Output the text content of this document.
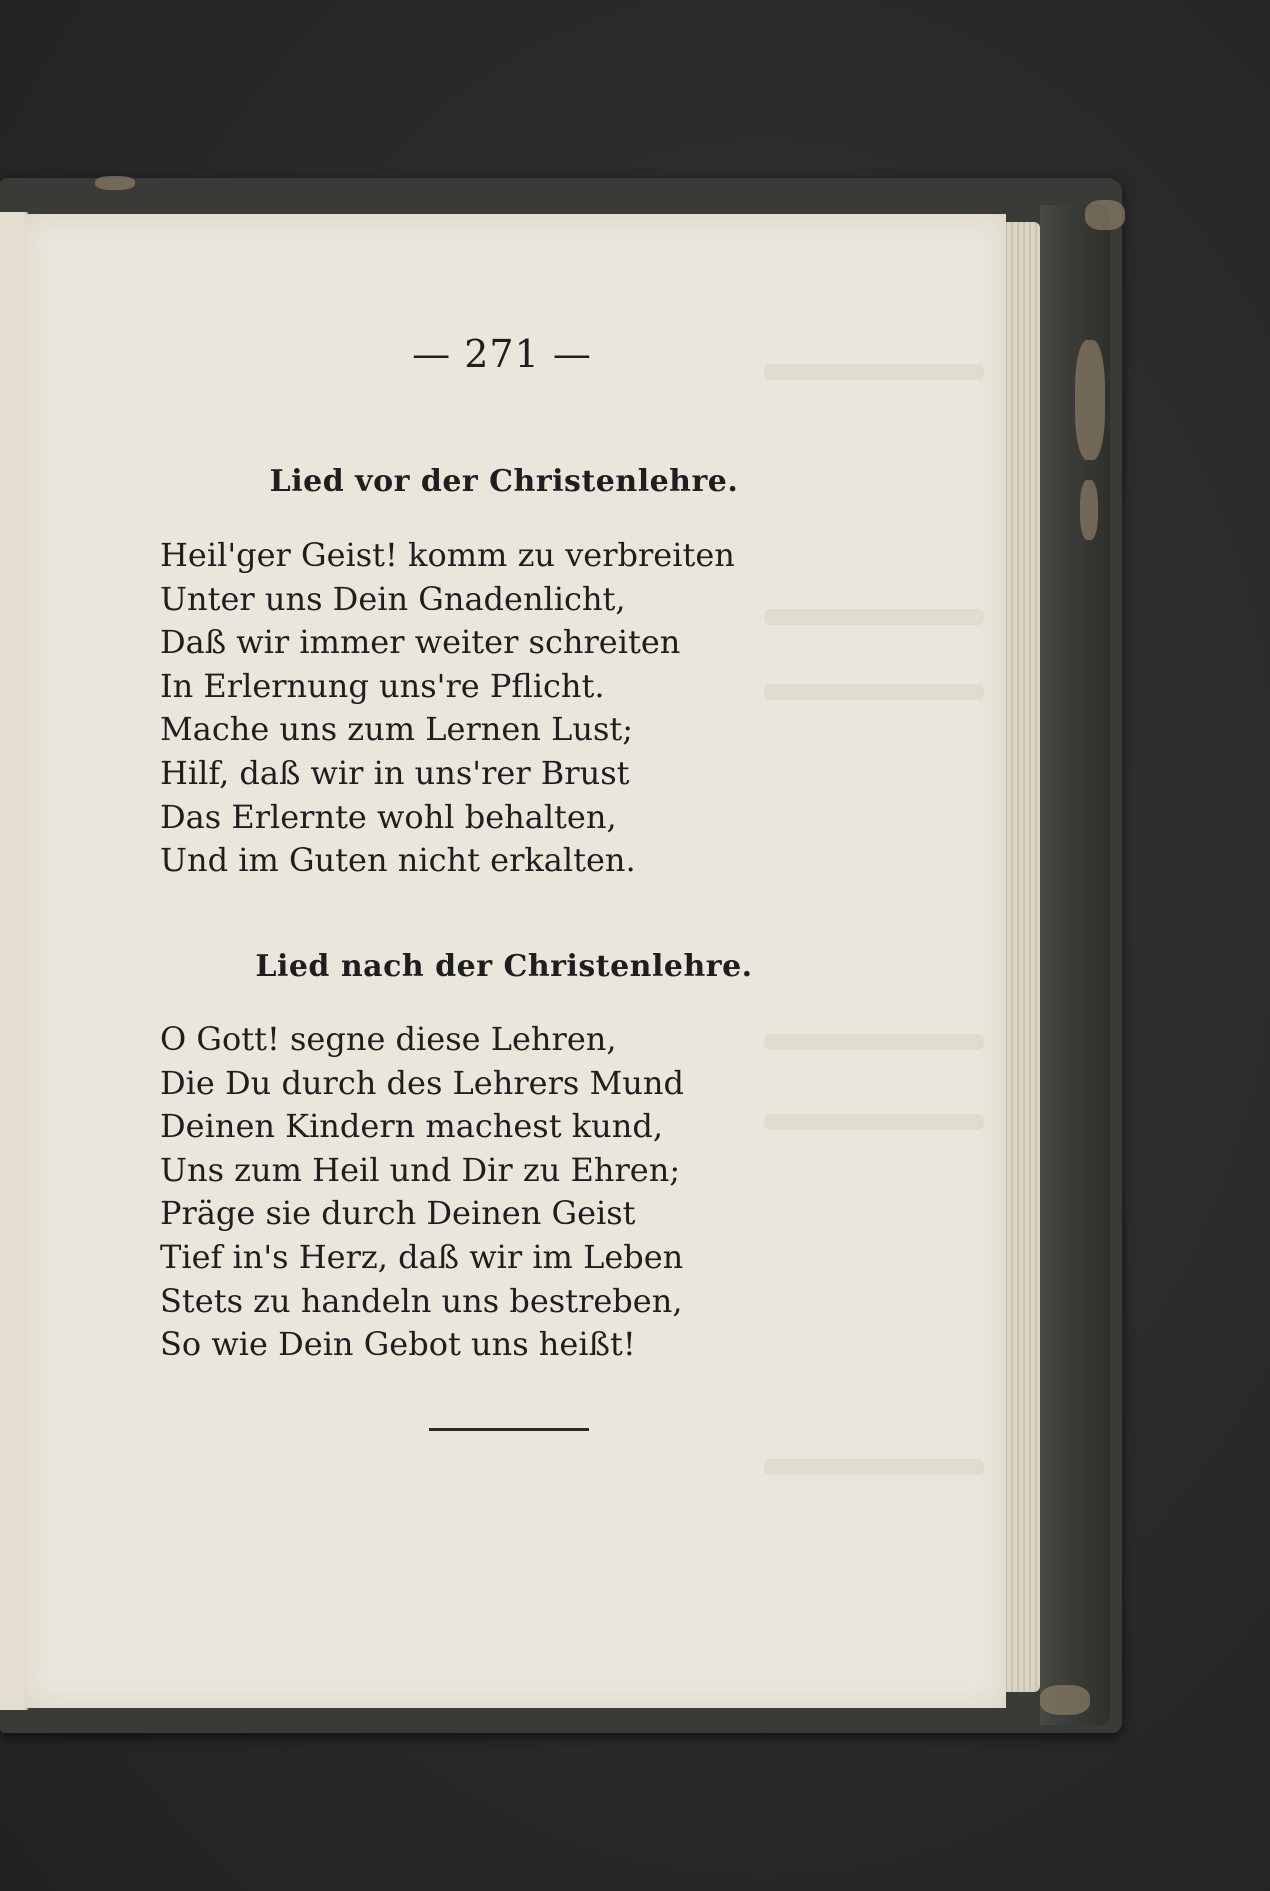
— 271 —
Lied vor der Christenlehre.
Heil'ger Geist! komm zu verbreiten
Unter uns Dein Gnadenlicht,
Daß wir immer weiter schreiten
In Erlernung uns're Pflicht.
Mache uns zum Lernen Lust;
Hilf, daß wir in uns'rer Brust
Das Erlernte wohl behalten,
Und im Guten nicht erkalten.
Lied nach der Christenlehre.
O Gott! segne diese Lehren,
Die Du durch des Lehrers Mund
Deinen Kindern machest kund,
Uns zum Heil und Dir zu Ehren;
Präge sie durch Deinen Geist
Tief in's Herz, daß wir im Leben
Stets zu handeln uns bestreben,
So wie Dein Gebot uns heißt!
